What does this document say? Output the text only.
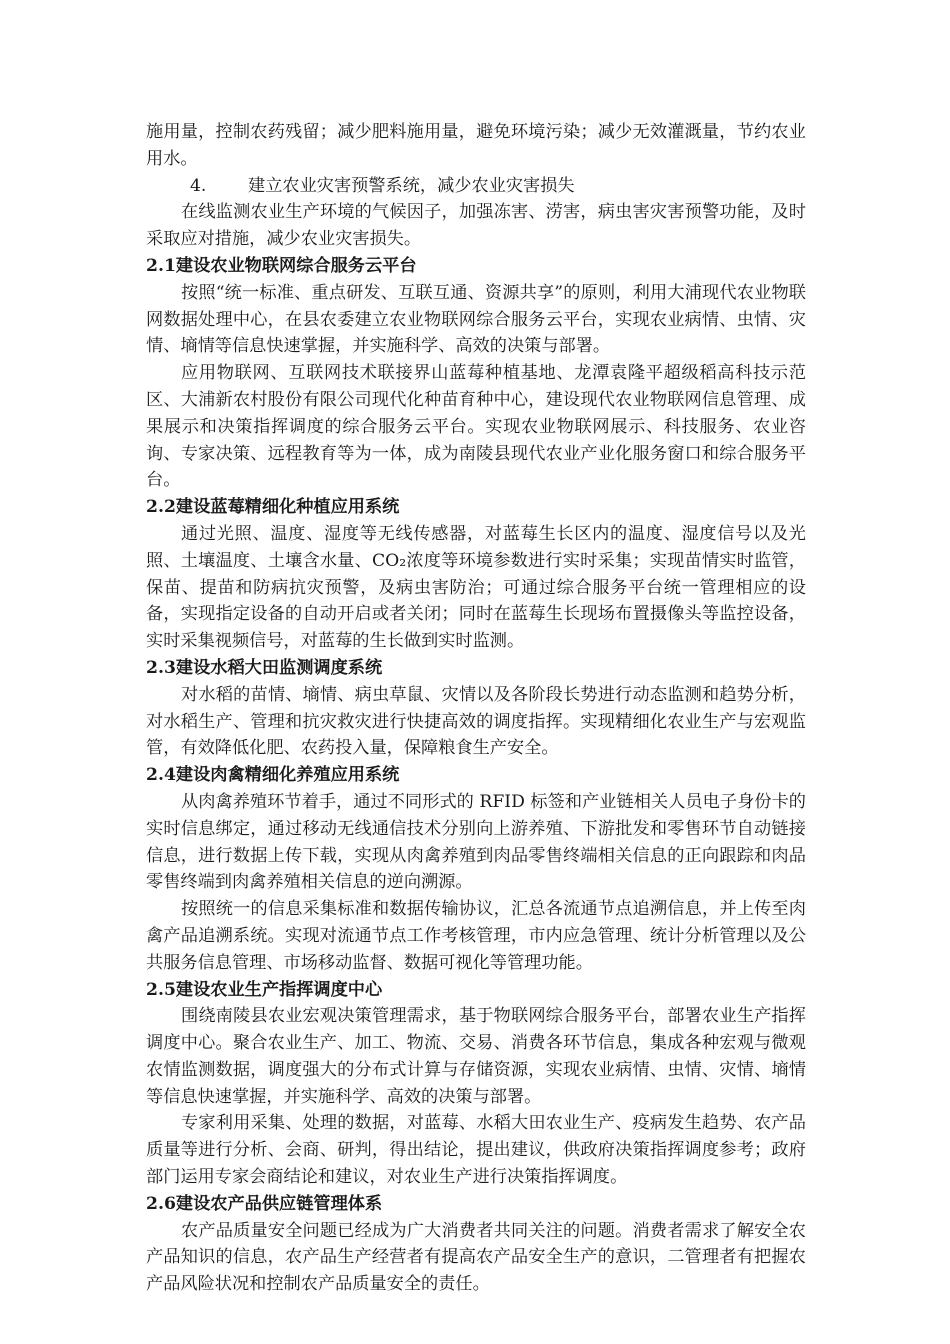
施用量，控制农药残留；减少肥料施用量，避免环境污染；减少无效灌溉量，节约农业用水。

4. 建立农业灾害预警系统，减少农业灾害损失

在线监测农业生产环境的气候因子，加强冻害、涝害，病虫害灾害预警功能，及时采取应对措施，减少农业灾害损失。

2.1建设农业物联网综合服务云平台

按照“统一标准、重点研发、互联互通、资源共享”的原则，利用大浦现代农业物联网数据处理中心，在县农委建立农业物联网综合服务云平台，实现农业病情、虫情、灾情、墒情等信息快速掌握，并实施科学、高效的决策与部署。

应用物联网、互联网技术联接界山蓝莓种植基地、龙潭袁隆平超级稻高科技示范区、大浦新农村股份有限公司现代化种苗育种中心，建设现代农业物联网信息管理、成果展示和决策指挥调度的综合服务云平台。实现农业物联网展示、科技服务、农业咨询、专家决策、远程教育等为一体，成为南陵县现代农业产业化服务窗口和综合服务平台。

2.2建设蓝莓精细化种植应用系统

通过光照、温度、湿度等无线传感器，对蓝莓生长区内的温度、湿度信号以及光照、土壤温度、土壤含水量、CO₂浓度等环境参数进行实时采集；实现苗情实时监管，保苗、提苗和防病抗灾预警，及病虫害防治；可通过综合服务平台统一管理相应的设备，实现指定设备的自动开启或者关闭；同时在蓝莓生长现场布置摄像头等监控设备，实时采集视频信号，对蓝莓的生长做到实时监测。

2.3建设水稻大田监测调度系统

对水稻的苗情、墒情、病虫草鼠、灾情以及各阶段长势进行动态监测和趋势分析，对水稻生产、管理和抗灾救灾进行快捷高效的调度指挥。实现精细化农业生产与宏观监管，有效降低化肥、农药投入量，保障粮食生产安全。

2.4建设肉禽精细化养殖应用系统

从肉禽养殖环节着手，通过不同形式的 RFID 标签和产业链相关人员电子身份卡的实时信息绑定，通过移动无线通信技术分别向上游养殖、下游批发和零售环节自动链接信息，进行数据上传下载，实现从肉禽养殖到肉品零售终端相关信息的正向跟踪和肉品零售终端到肉禽养殖相关信息的逆向溯源。

按照统一的信息采集标准和数据传输协议，汇总各流通节点追溯信息，并上传至肉禽产品追溯系统。实现对流通节点工作考核管理，市内应急管理、统计分析管理以及公共服务信息管理、市场移动监督、数据可视化等管理功能。

2.5建设农业生产指挥调度中心

围绕南陵县农业宏观决策管理需求，基于物联网综合服务平台，部署农业生产指挥调度中心。聚合农业生产、加工、物流、交易、消费各环节信息，集成各种宏观与微观农情监测数据，调度强大的分布式计算与存储资源，实现农业病情、虫情、灾情、墒情等信息快速掌握，并实施科学、高效的决策与部署。

专家利用采集、处理的数据，对蓝莓、水稻大田农业生产、疫病发生趋势、农产品质量等进行分析、会商、研判，得出结论，提出建议，供政府决策指挥调度参考；政府部门运用专家会商结论和建议，对农业生产进行决策指挥调度。

2.6建设农产品供应链管理体系

农产品质量安全问题已经成为广大消费者共同关注的问题。消费者需求了解安全农产品知识的信息，农产品生产经营者有提高农产品安全生产的意识，二管理者有把握农产品风险状况和控制农产品质量安全的责任。
